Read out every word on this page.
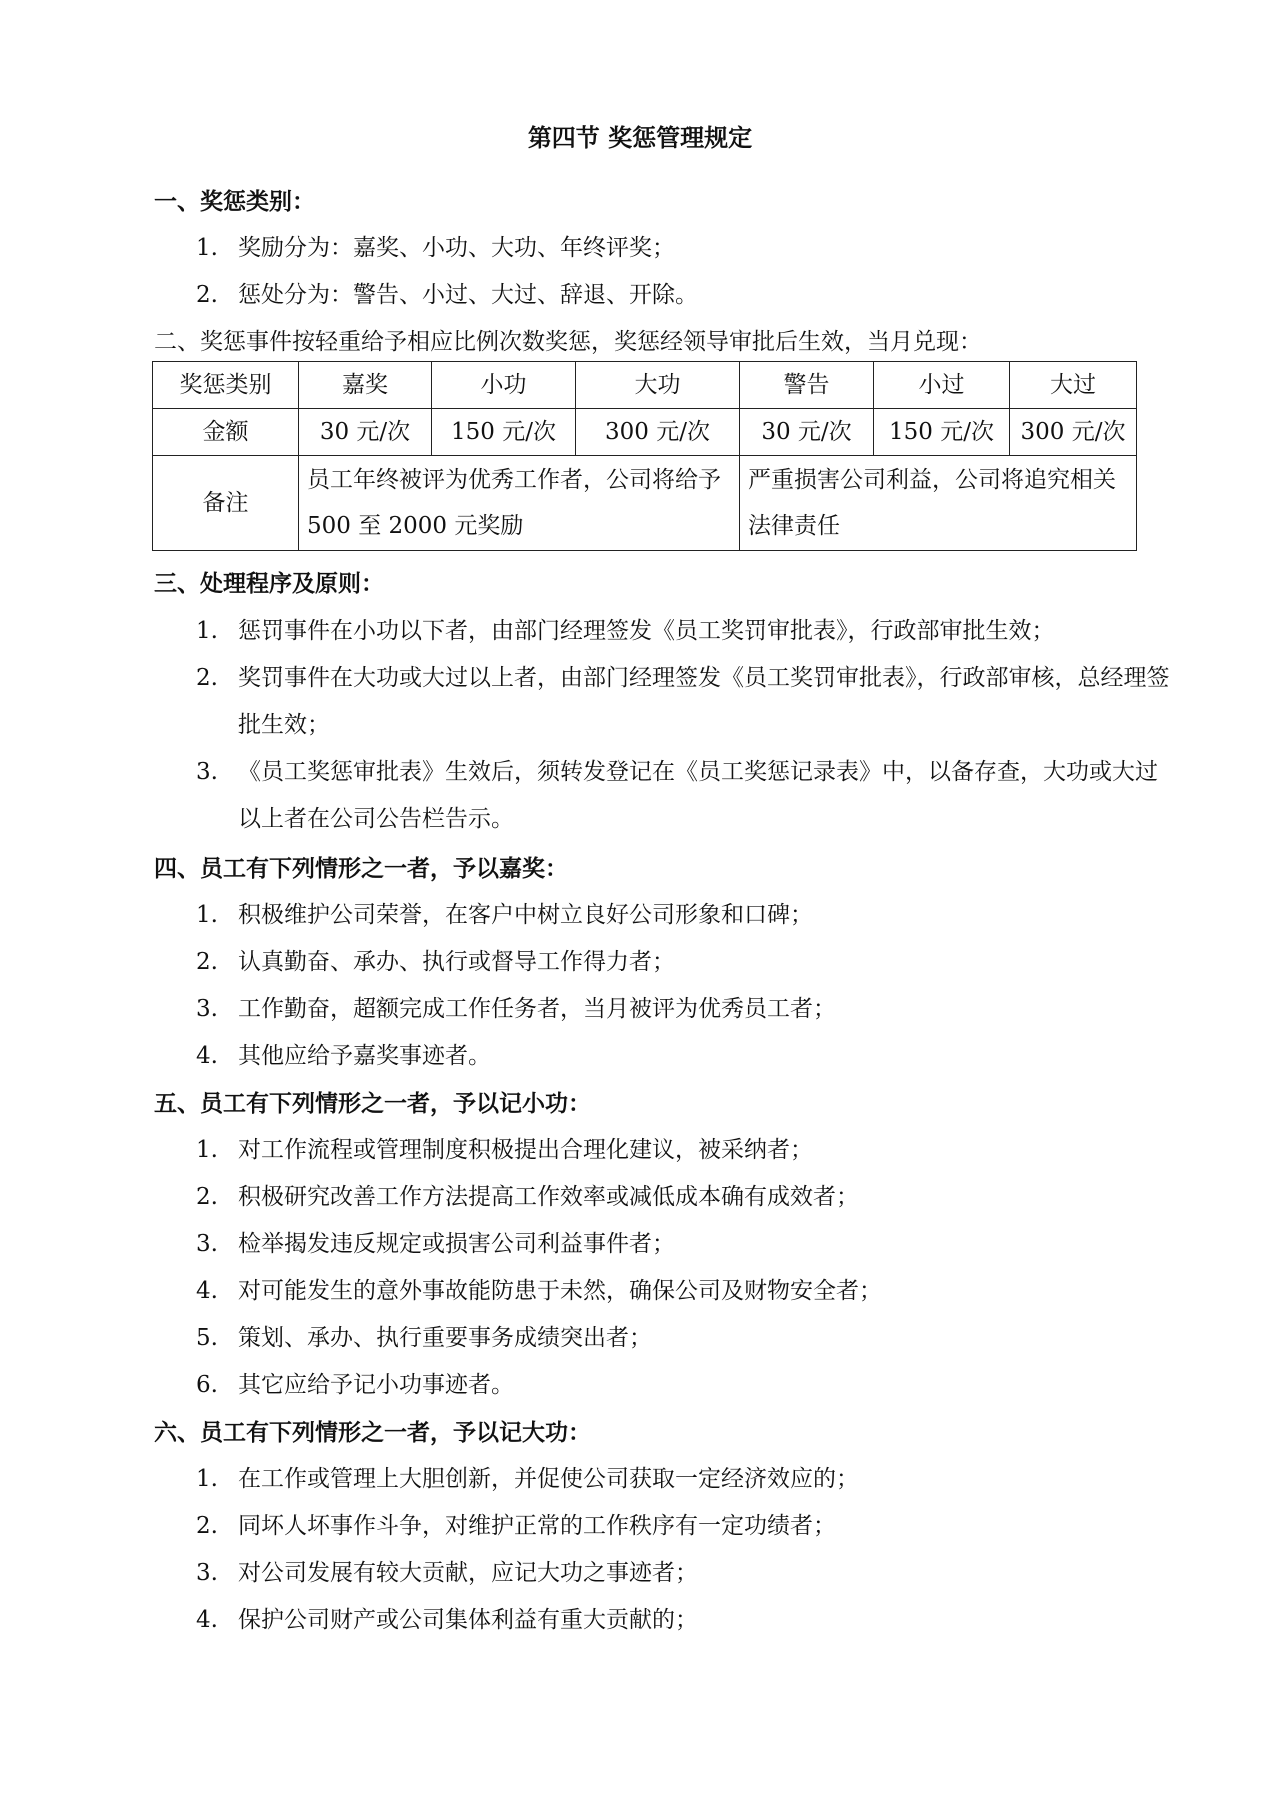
第四节 奖惩管理规定
一、奖惩类别：
1. 奖励分为：嘉奖、小功、大功、年终评奖；
2. 惩处分为：警告、小过、大过、辞退、开除。
二、奖惩事件按轻重给予相应比例次数奖惩，奖惩经领导审批后生效，当月兑现：
奖惩类别	嘉奖	小功	大功	警告	小过	大过
金额	30 元/次	150 元/次	300 元/次	30 元/次	150 元/次	300 元/次
备注	员工年终被评为优秀工作者，公司将给予 500 至 2000 元奖励			严重损害公司利益，公司将追究相关法律责任		
三、处理程序及原则：
1. 惩罚事件在小功以下者，由部门经理签发《员工奖罚审批表》，行政部审批生效；
2. 奖罚事件在大功或大过以上者，由部门经理签发《员工奖罚审批表》，行政部审核，总经理签批生效；
3. 《员工奖惩审批表》生效后，须转发登记在《员工奖惩记录表》中，以备存查，大功或大过以上者在公司公告栏告示。
四、员工有下列情形之一者，予以嘉奖：
1. 积极维护公司荣誉，在客户中树立良好公司形象和口碑；
2. 认真勤奋、承办、执行或督导工作得力者；
3. 工作勤奋，超额完成工作任务者，当月被评为优秀员工者；
4. 其他应给予嘉奖事迹者。
五、员工有下列情形之一者，予以记小功：
1. 对工作流程或管理制度积极提出合理化建议，被采纳者；
2. 积极研究改善工作方法提高工作效率或减低成本确有成效者；
3. 检举揭发违反规定或损害公司利益事件者；
4. 对可能发生的意外事故能防患于未然，确保公司及财物安全者；
5. 策划、承办、执行重要事务成绩突出者；
6. 其它应给予记小功事迹者。
六、员工有下列情形之一者，予以记大功：
1. 在工作或管理上大胆创新，并促使公司获取一定经济效应的；
2. 同坏人坏事作斗争，对维护正常的工作秩序有一定功绩者；
3. 对公司发展有较大贡献，应记大功之事迹者；
4. 保护公司财产或公司集体利益有重大贡献的；
